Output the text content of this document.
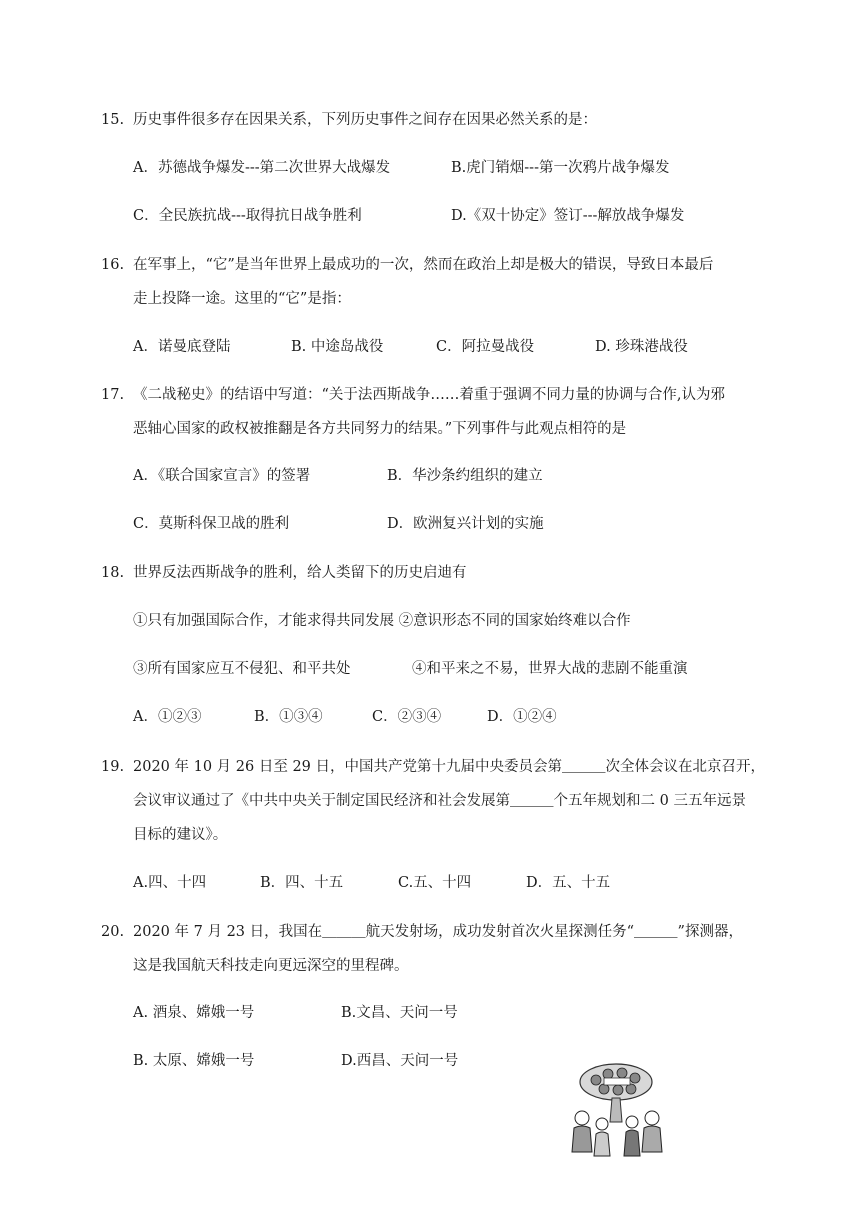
15. 历史事件很多存在因果关系，下列历史事件之间存在因果必然关系的是：
A．苏德战争爆发---第二次世界大战爆发	B.虎门销烟---第一次鸦片战争爆发
C．全民族抗战---取得抗日战争胜利	D.《双十协定》签订---解放战争爆发
16. 在军事上，“它”是当年世界上最成功的一次，然而在政治上却是极大的错误，导致日本最后
走上投降一途。这里的“它”是指：
A．诺曼底登陆	B. 中途岛战役	C．阿拉曼战役	D. 珍珠港战役
17. 《二战秘史》的结语中写道：“关于法西斯战争……着重于强调不同力量的协调与合作,认为邪
恶轴心国家的政权被推翻是各方共同努力的结果。”下列事件与此观点相符的是
A．《联合国家宣言》的签署	B．华沙条约组织的建立
C．莫斯科保卫战的胜利	D．欧洲复兴计划的实施
18. 世界反法西斯战争的胜利，给人类留下的历史启迪有
①只有加强国际合作，才能求得共同发展 ②意识形态不同的国家始终难以合作
③所有国家应互不侵犯、和平共处	④和平来之不易，世界大战的悲剧不能重演
A．①②③	B．①③④	C．②③④	D．①②④
19. 2020 年 10 月 26 日至 29 日，中国共产党第十九届中央委员会第＿＿＿次全体会议在北京召开，
会议审议通过了《中共中央关于制定国民经济和社会发展第＿＿＿个五年规划和二 0 三五年远景
目标的建议》。
A.四、十四	B．四、十五	C.五、十四	D．五、十五
20. 2020 年 7 月 23 日，我国在＿＿＿航天发射场，成功发射首次火星探测任务“＿＿＿”探测器，
这是我国航天科技走向更远深空的里程碑。
A. 酒泉、嫦娥一号	B.文昌、天问一号
B. 太原、嫦娥一号	D.西昌、天问一号
